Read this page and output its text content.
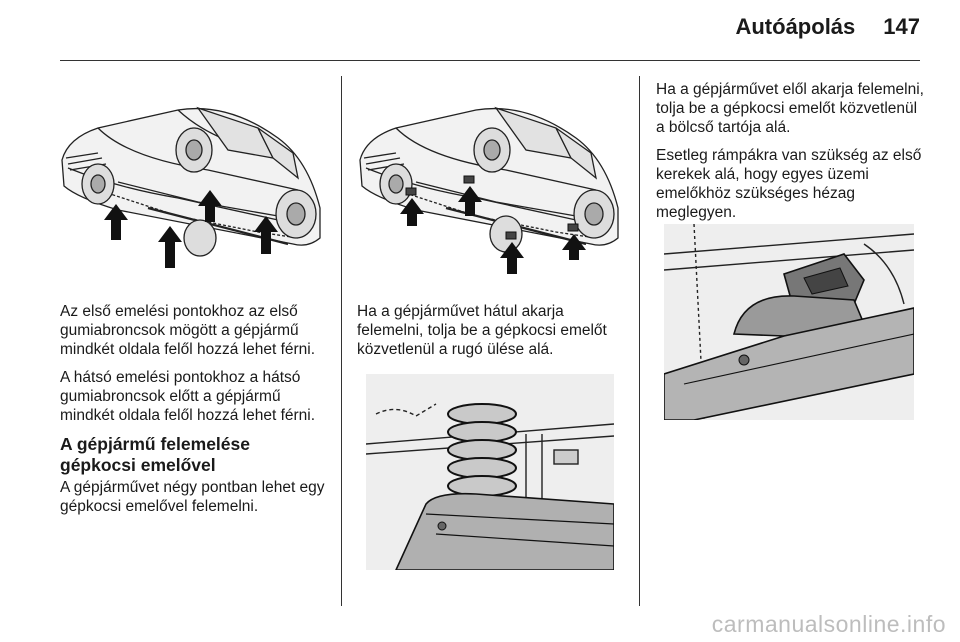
Autóápolás 147

Az első emelési pontokhoz az első gumiabroncsok mögött a gépjármű mindkét oldala felől hozzá lehet férni.

A hátsó emelési pontokhoz a hátsó gumiabroncsok előtt a gépjármű mindkét oldala felől hozzá lehet férni.

A gépjármű felemelése
gépkocsi emelővel

A gépjárművet négy pontban lehet egy gépkocsi emelővel felemelni.

Ha a gépjárművet hátul akarja felemelni, tolja be a gépkocsi emelőt közvetlenül a rugó ülése alá.

Ha a gépjárművet elől akarja felemelni, tolja be a gépkocsi emelőt közvetlenül a bölcső tartója alá.

Esetleg rámpákra van szükség az első kerekek alá, hogy egyes üzemi emelőkhöz szükséges hézag meglegyen.

carmanualsonline.info
